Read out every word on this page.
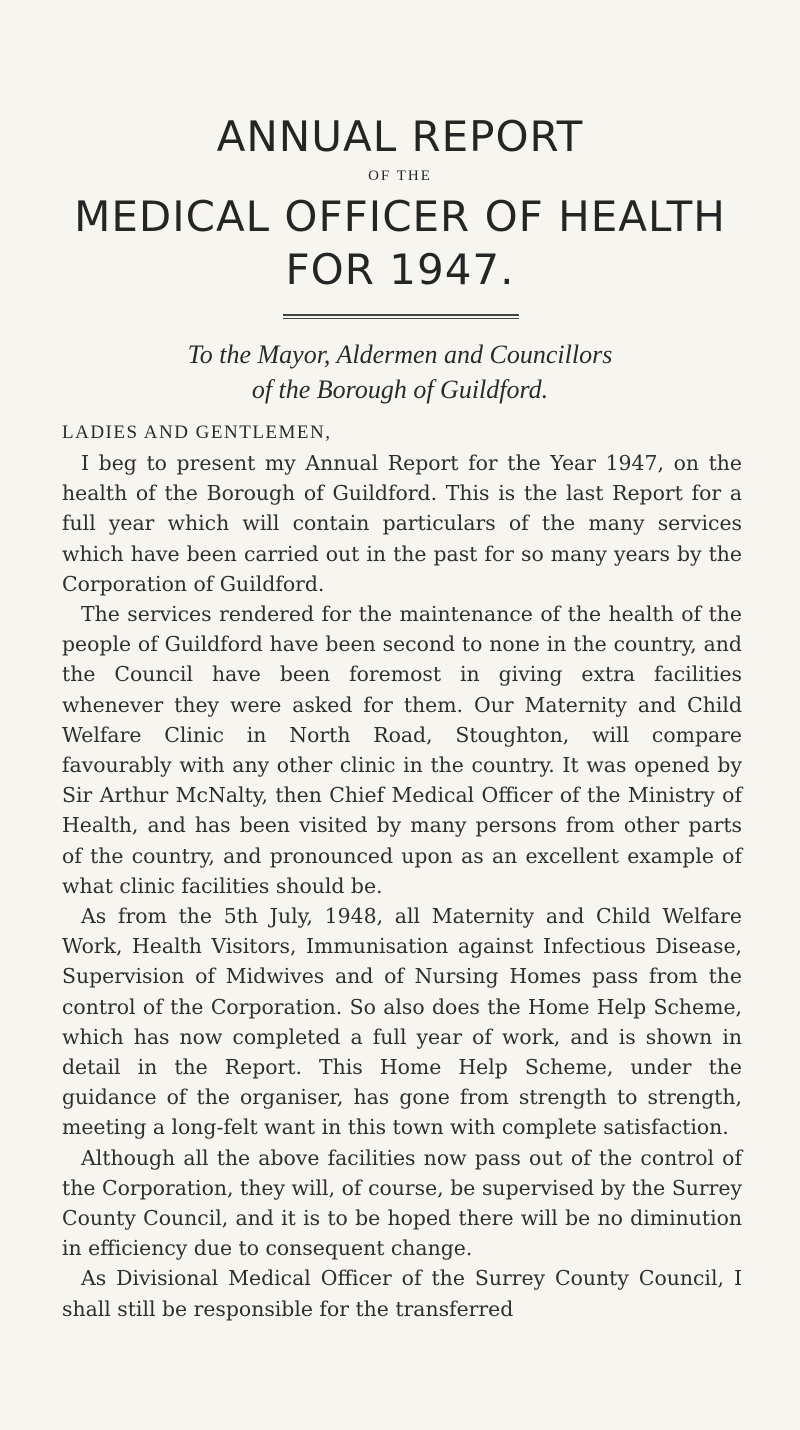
ANNUAL REPORT
OF THE
MEDICAL OFFICER OF HEALTH
FOR 1947.
To the Mayor, Aldermen and Councillors
of the Borough of Guildford.
LADIES AND GENTLEMEN,

I beg to present my Annual Report for the Year 1947, on the health of the Borough of Guildford. This is the last Report for a full year which will contain particulars of the many services which have been carried out in the past for so many years by the Corporation of Guildford.

The services rendered for the maintenance of the health of the people of Guildford have been second to none in the country, and the Council have been foremost in giving extra facilities whenever they were asked for them. Our Maternity and Child Welfare Clinic in North Road, Stoughton, will compare favourably with any other clinic in the country. It was opened by Sir Arthur McNalty, then Chief Medical Officer of the Ministry of Health, and has been visited by many persons from other parts of the country, and pronounced upon as an excellent example of what clinic facilities should be.

As from the 5th July, 1948, all Maternity and Child Welfare Work, Health Visitors, Immunisation against Infectious Disease, Supervision of Midwives and of Nursing Homes pass from the control of the Corporation. So also does the Home Help Scheme, which has now completed a full year of work, and is shown in detail in the Report. This Home Help Scheme, under the guidance of the organiser, has gone from strength to strength, meeting a long-felt want in this town with complete satisfaction.

Although all the above facilities now pass out of the control of the Corporation, they will, of course, be supervised by the Surrey County Council, and it is to be hoped there will be no diminution in efficiency due to consequent change.

As Divisional Medical Officer of the Surrey County Council, I shall still be responsible for the transferred
